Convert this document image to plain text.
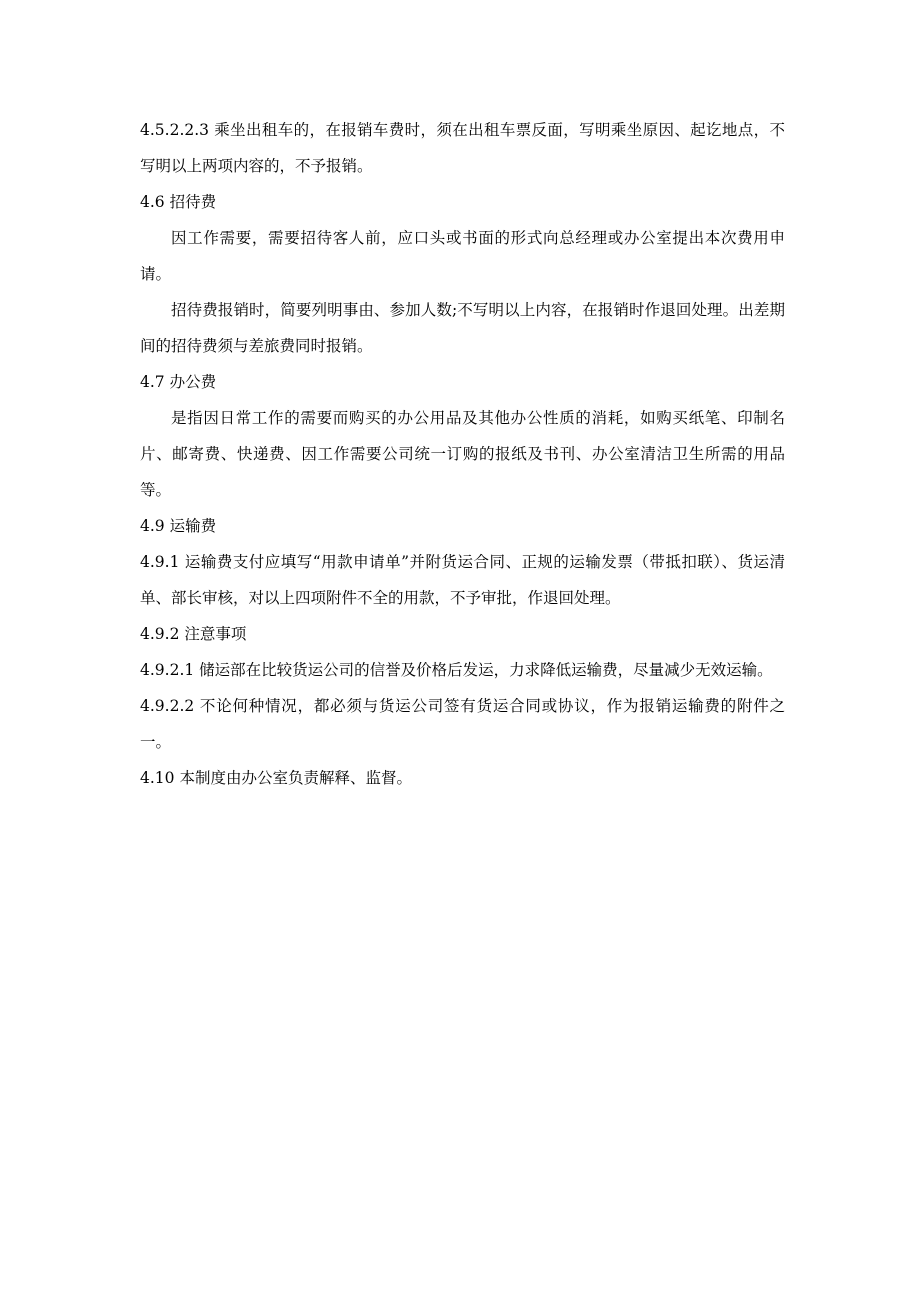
4.5.2.2.3 乘坐出租车的，在报销车费时，须在出租车票反面，写明乘坐原因、起讫地点，不写明以上两项内容的，不予报销。

4.6 招待费

因工作需要，需要招待客人前，应口头或书面的形式向总经理或办公室提出本次费用申请。

招待费报销时，简要列明事由、参加人数;不写明以上内容，在报销时作退回处理。出差期间的招待费须与差旅费同时报销。

4.7 办公费

是指因日常工作的需要而购买的办公用品及其他办公性质的消耗，如购买纸笔、印制名片、邮寄费、快递费、因工作需要公司统一订购的报纸及书刊、办公室清洁卫生所需的用品等。

4.9 运输费

4.9.1 运输费支付应填写“用款申请单”并附货运合同、正规的运输发票（带抵扣联）、货运清单、部长审核，对以上四项附件不全的用款，不予审批，作退回处理。

4.9.2 注意事项

4.9.2.1 储运部在比较货运公司的信誉及价格后发运，力求降低运输费，尽量减少无效运输。

4.9.2.2 不论何种情况，都必须与货运公司签有货运合同或协议，作为报销运输费的附件之一。

4.10 本制度由办公室负责解释、监督。
